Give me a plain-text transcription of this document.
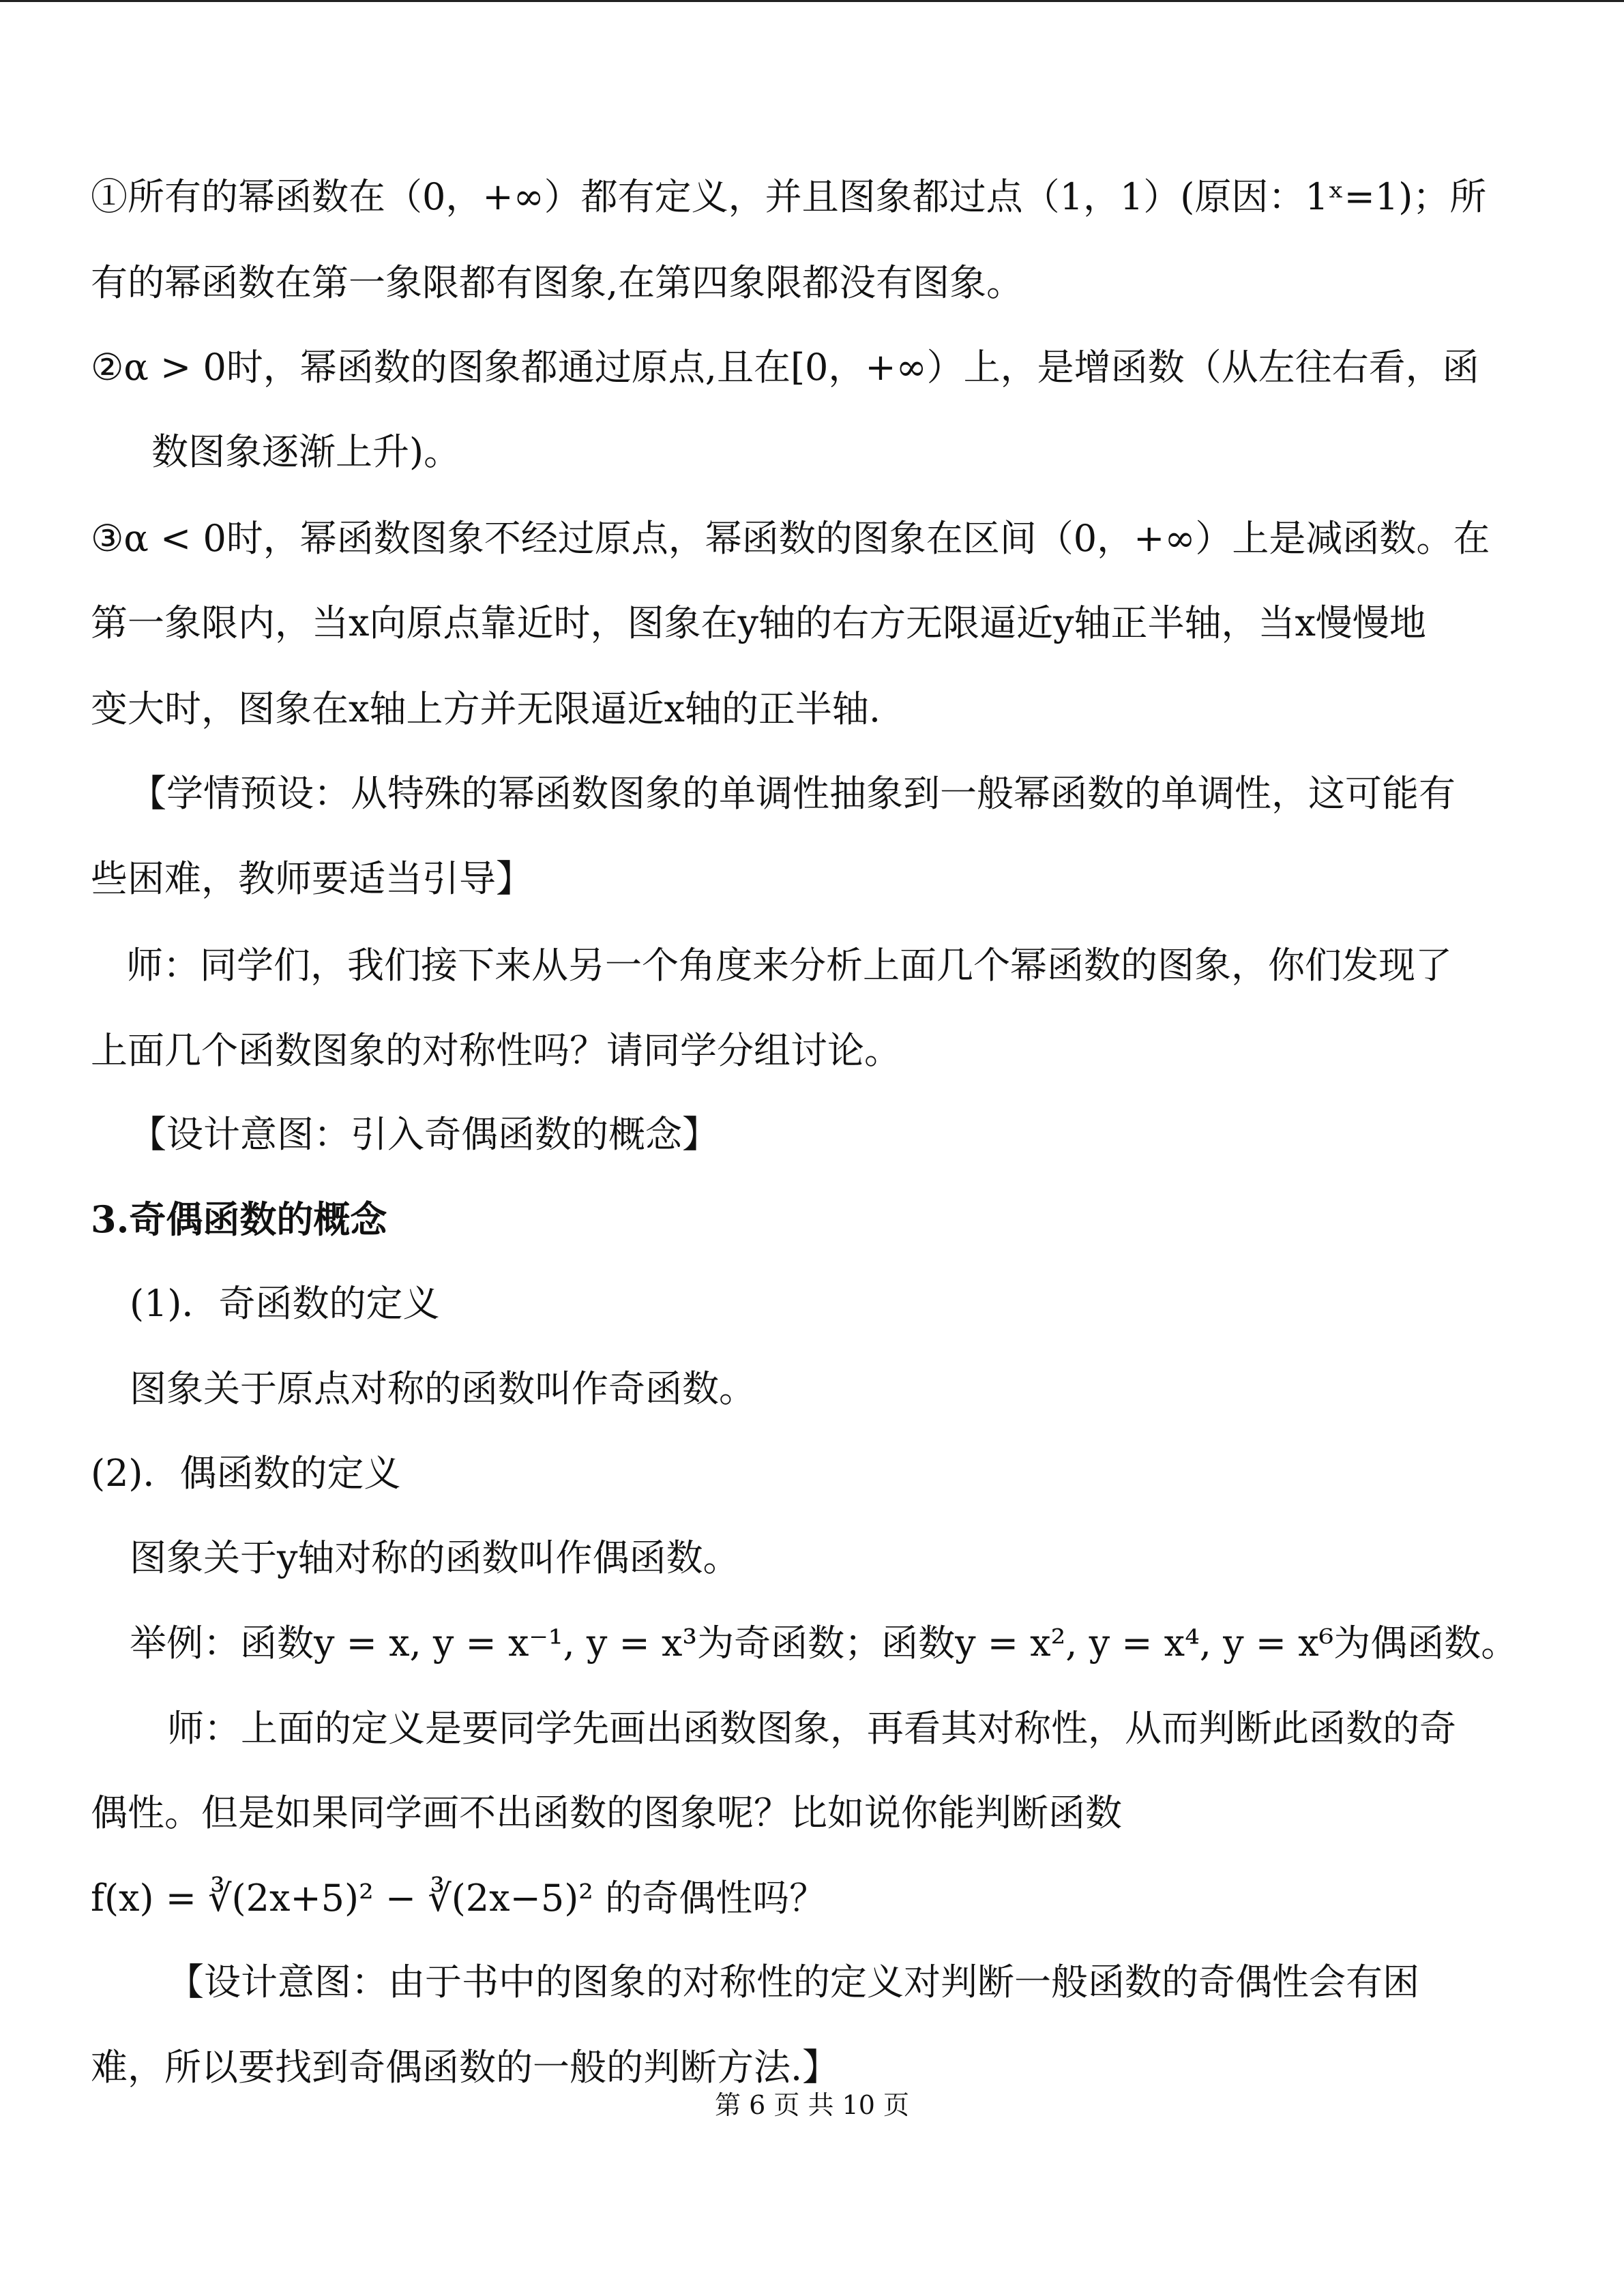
①所有的幂函数在（0，+∞）都有定义，并且图象都过点（1，1）(原因：1ˣ=1)；所
有的幂函数在第一象限都有图象,在第四象限都没有图象。
②α > 0时，幂函数的图象都通过原点,且在[0，+∞）上，是增函数（从左往右看，函
数图象逐渐上升)。
③α < 0时，幂函数图象不经过原点，幂函数的图象在区间（0，+∞）上是减函数。在
第一象限内，当x向原点靠近时，图象在y轴的右方无限逼近y轴正半轴，当x慢慢地
变大时，图象在x轴上方并无限逼近x轴的正半轴.
【学情预设：从特殊的幂函数图象的单调性抽象到一般幂函数的单调性，这可能有
些困难，教师要适当引导】
师：同学们，我们接下来从另一个角度来分析上面几个幂函数的图象，你们发现了
上面几个函数图象的对称性吗？请同学分组讨论。
【设计意图：引入奇偶函数的概念】
3.奇偶函数的概念
(1)．奇函数的定义
图象关于原点对称的函数叫作奇函数。
(2)．偶函数的定义
图象关于y轴对称的函数叫作偶函数。
举例：函数y = x, y = x⁻¹, y = x³为奇函数；函数y = x², y = x⁴, y = x⁶为偶函数。
师：上面的定义是要同学先画出函数图象，再看其对称性，从而判断此函数的奇
偶性。但是如果同学画不出函数的图象呢？比如说你能判断函数
f(x) = ∛(2x+5)² − ∛(2x−5)² 的奇偶性吗？
【设计意图：由于书中的图象的对称性的定义对判断一般函数的奇偶性会有困
难，所以要找到奇偶函数的一般的判断方法.】
第 6 页 共 10 页
